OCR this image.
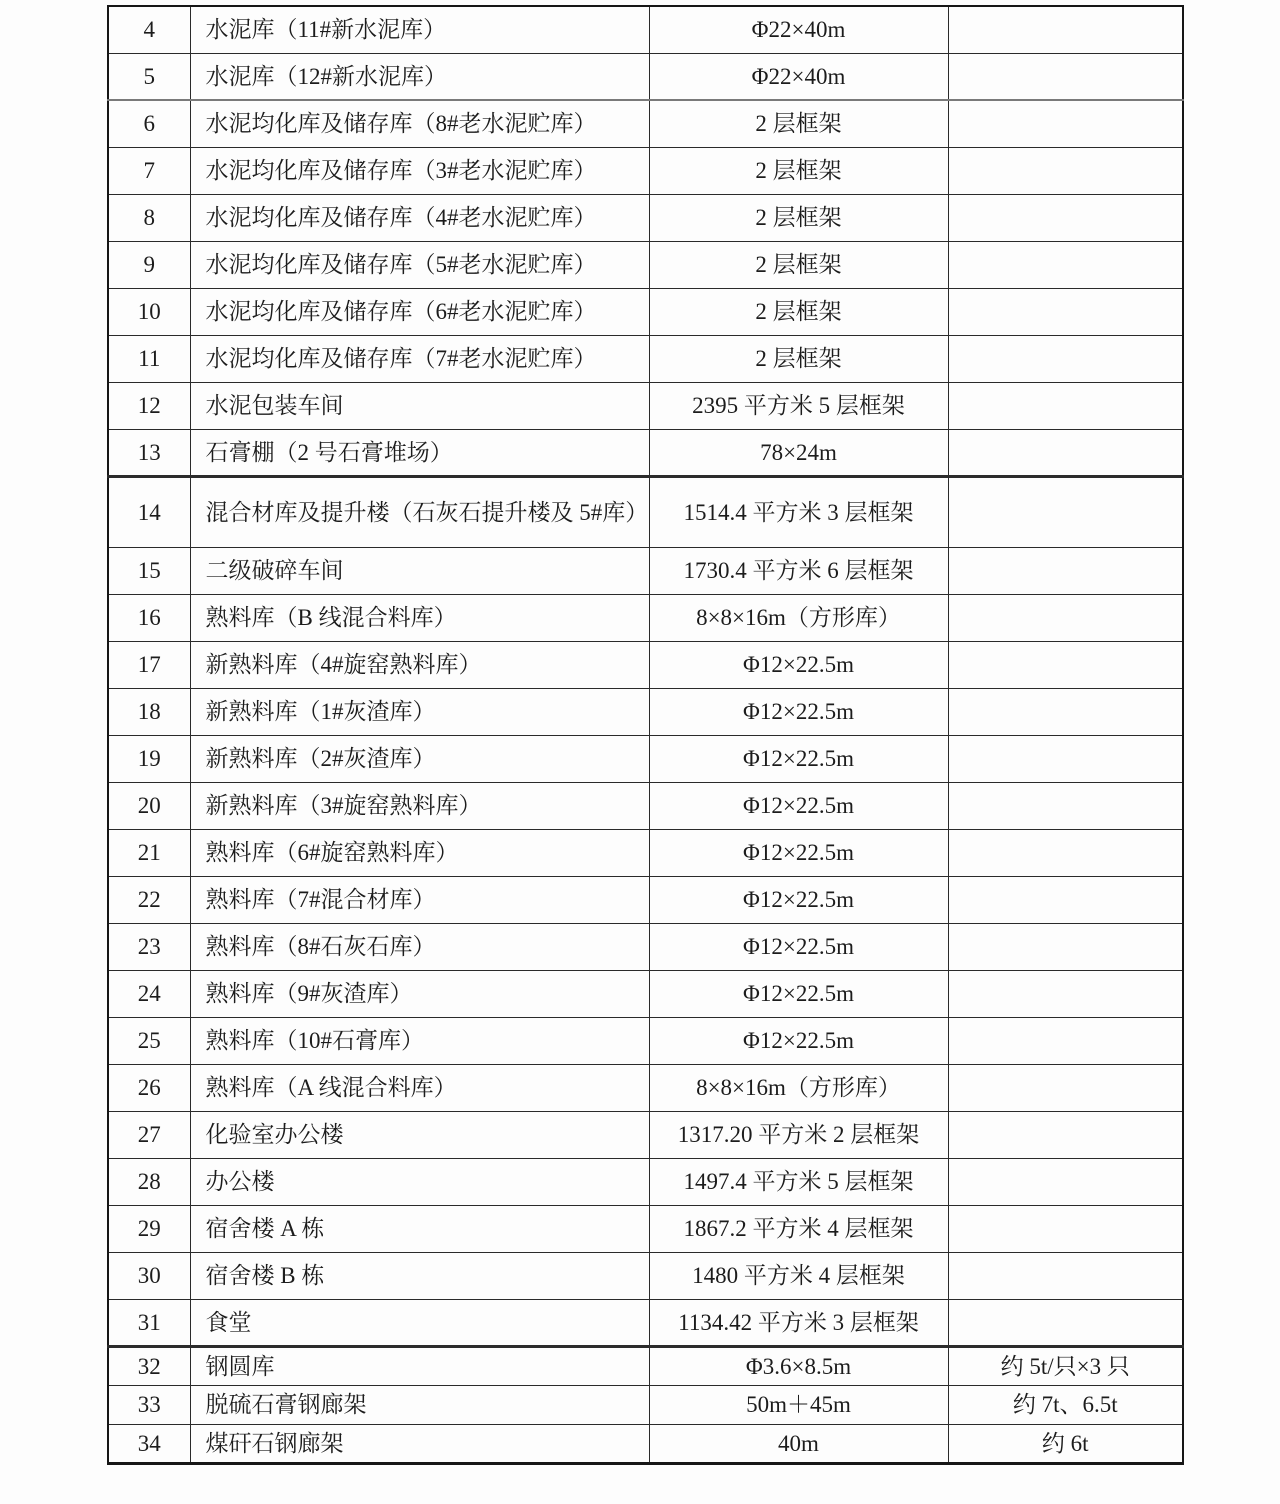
4	水泥库（11#新水泥库）	Φ22×40m	
5	水泥库（12#新水泥库）	Φ22×40m	
6	水泥均化库及储存库（8#老水泥贮库）	2 层框架	
7	水泥均化库及储存库（3#老水泥贮库）	2 层框架	
8	水泥均化库及储存库（4#老水泥贮库）	2 层框架	
9	水泥均化库及储存库（5#老水泥贮库）	2 层框架	
10	水泥均化库及储存库（6#老水泥贮库）	2 层框架	
11	水泥均化库及储存库（7#老水泥贮库）	2 层框架	
12	水泥包装车间	2395 平方米 5 层框架	
13	石膏棚（2 号石膏堆场）	78×24m	
14	混合材库及提升楼（石灰石提升楼及 5#库）	1514.4 平方米 3 层框架	
15	二级破碎车间	1730.4 平方米 6 层框架	
16	熟料库（B 线混合料库）	8×8×16m（方形库）	
17	新熟料库（4#旋窑熟料库）	Φ12×22.5m	
18	新熟料库（1#灰渣库）	Φ12×22.5m	
19	新熟料库（2#灰渣库）	Φ12×22.5m	
20	新熟料库（3#旋窑熟料库）	Φ12×22.5m	
21	熟料库（6#旋窑熟料库）	Φ12×22.5m	
22	熟料库（7#混合材库）	Φ12×22.5m	
23	熟料库（8#石灰石库）	Φ12×22.5m	
24	熟料库（9#灰渣库）	Φ12×22.5m	
25	熟料库（10#石膏库）	Φ12×22.5m	
26	熟料库（A 线混合料库）	8×8×16m（方形库）	
27	化验室办公楼	1317.20 平方米 2 层框架	
28	办公楼	1497.4 平方米 5 层框架	
29	宿舍楼 A 栋	1867.2 平方米 4 层框架	
30	宿舍楼 B 栋	1480 平方米 4 层框架	
31	食堂	1134.42 平方米 3 层框架	
32	钢圆库	Φ3.6×8.5m	约 5t/只×3 只
33	脱硫石膏钢廊架	50m＋45m	约 7t、6.5t
34	煤矸石钢廊架	40m	约 6t
